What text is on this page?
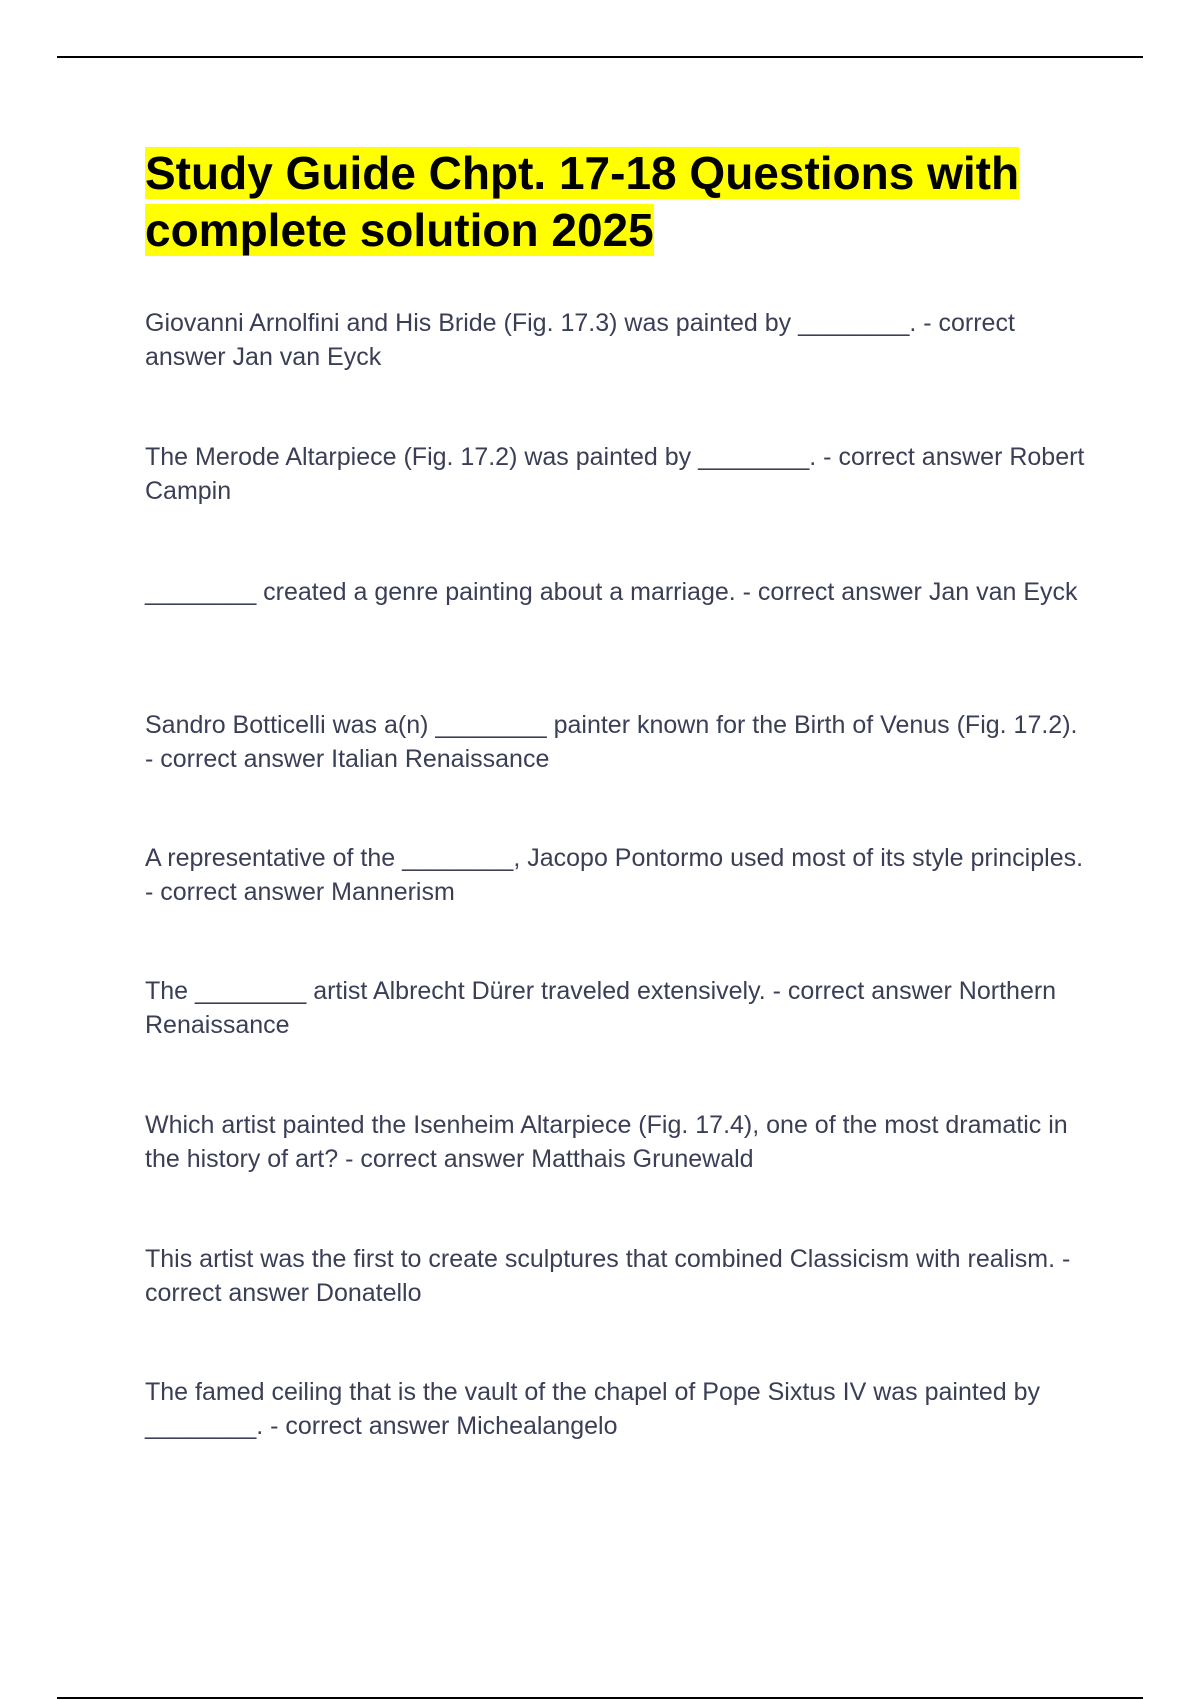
Study Guide Chpt. 17-18 Questions with complete solution 2025
Giovanni Arnolfini and His Bride (Fig. 17.3) was painted by ________. - correct answer Jan van Eyck
The Merode Altarpiece (Fig. 17.2) was painted by ________. - correct answer Robert Campin
________ created a genre painting about a marriage. - correct answer Jan van Eyck
Sandro Botticelli was a(n) ________ painter known for the Birth of Venus (Fig. 17.2). - correct answer Italian Renaissance
A representative of the ________, Jacopo Pontormo used most of its style principles. - correct answer Mannerism
The ________ artist Albrecht Dürer traveled extensively. - correct answer Northern Renaissance
Which artist painted the Isenheim Altarpiece (Fig. 17.4), one of the most dramatic in the history of art? - correct answer Matthais Grunewald
This artist was the first to create sculptures that combined Classicism with realism. - correct answer Donatello
The famed ceiling that is the vault of the chapel of Pope Sixtus IV was painted by ________. - correct answer Michealangelo
